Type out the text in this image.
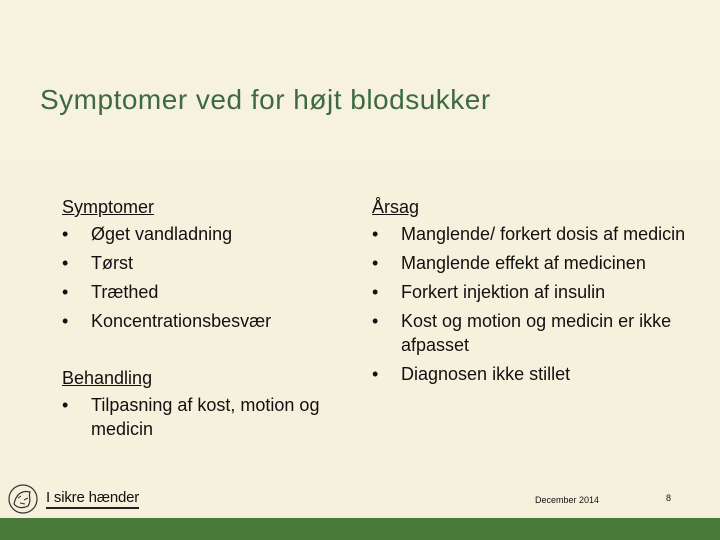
Symptomer ved for højt blodsukker
Symptomer
• Øget vandladning
• Tørst
• Træthed
• Koncentrationsbesvær
Behandling
• Tilpasning af kost, motion og medicin
Årsag
• Manglende/ forkert dosis af medicin
• Manglende effekt af medicinen
• Forkert injektion af insulin
• Kost og motion og medicin er ikke afpasset
• Diagnosen ikke stillet
I sikre hænder	December 2014	8
